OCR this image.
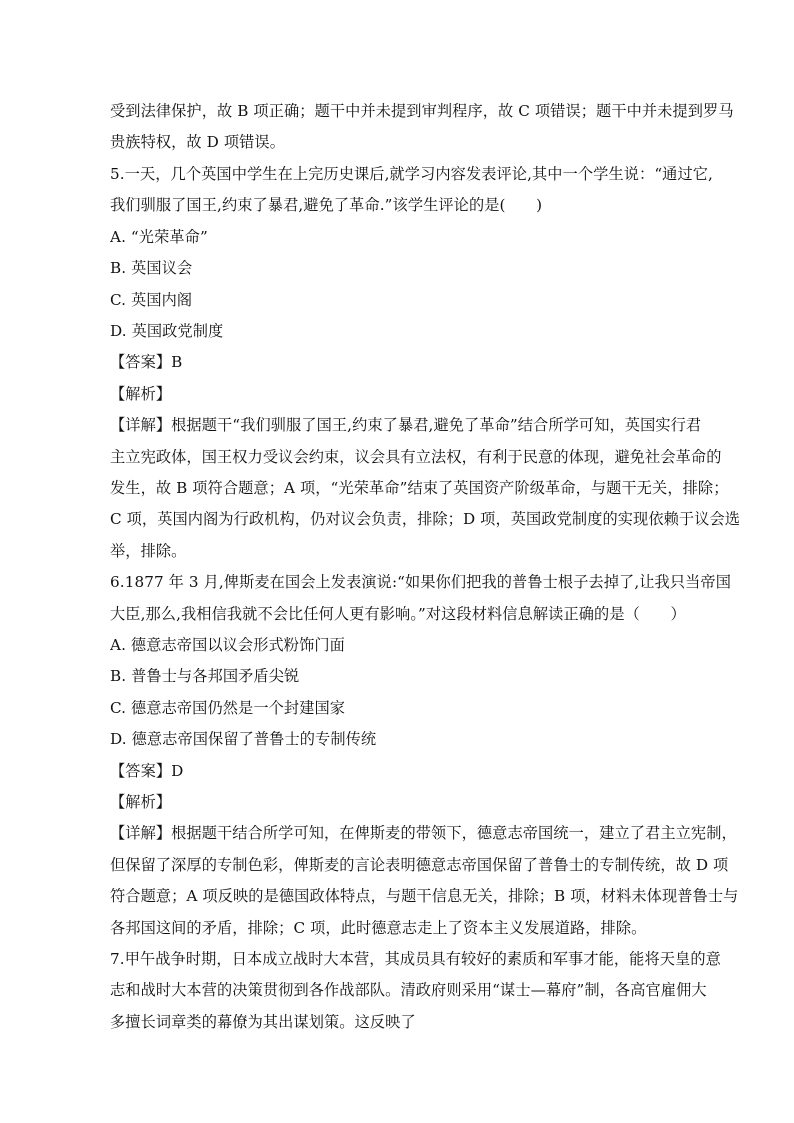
受到法律保护，故 B 项正确；题干中并未提到审判程序，故 C 项错误；题干中并未提到罗马
贵族特权，故 D 项错误。
5.一天，几个英国中学生在上完历史课后,就学习内容发表评论,其中一个学生说：“通过它,
我们驯服了国王,约束了暴君,避免了革命.”该学生评论的是(　　)
A. “光荣革命”
B. 英国议会
C. 英国内阁
D. 英国政党制度
【答案】B
【解析】
【详解】根据题干“我们驯服了国王,约束了暴君,避免了革命”结合所学可知，英国实行君
主立宪政体，国王权力受议会约束，议会具有立法权，有利于民意的体现，避免社会革命的
发生，故 B 项符合题意；A 项，“光荣革命”结束了英国资产阶级革命，与题干无关，排除；
C 项，英国内阁为行政机构，仍对议会负责，排除；D 项，英国政党制度的实现依赖于议会选
举，排除。
6.1877 年 3 月,俾斯麦在国会上发表演说:“如果你们把我的普鲁士根子去掉了,让我只当帝国
大臣,那么,我相信我就不会比任何人更有影响。”对这段材料信息解读正确的是（　　）
A. 德意志帝国以议会形式粉饰门面
B. 普鲁士与各邦国矛盾尖锐
C. 德意志帝国仍然是一个封建国家
D. 德意志帝国保留了普鲁士的专制传统
【答案】D
【解析】
【详解】根据题干结合所学可知，在俾斯麦的带领下，德意志帝国统一，建立了君主立宪制，
但保留了深厚的专制色彩，俾斯麦的言论表明德意志帝国保留了普鲁士的专制传统，故 D 项
符合题意；A 项反映的是德国政体特点，与题干信息无关，排除；B 项，材料未体现普鲁士与
各邦国这间的矛盾，排除；C 项，此时德意志走上了资本主义发展道路，排除。
7.甲午战争时期，日本成立战时大本营，其成员具有较好的素质和军事才能，能将天皇的意
志和战时大本营的决策贯彻到各作战部队。清政府则采用“谋士—幕府”制，各高官雇佣大
多擅长词章类的幕僚为其出谋划策。这反映了
